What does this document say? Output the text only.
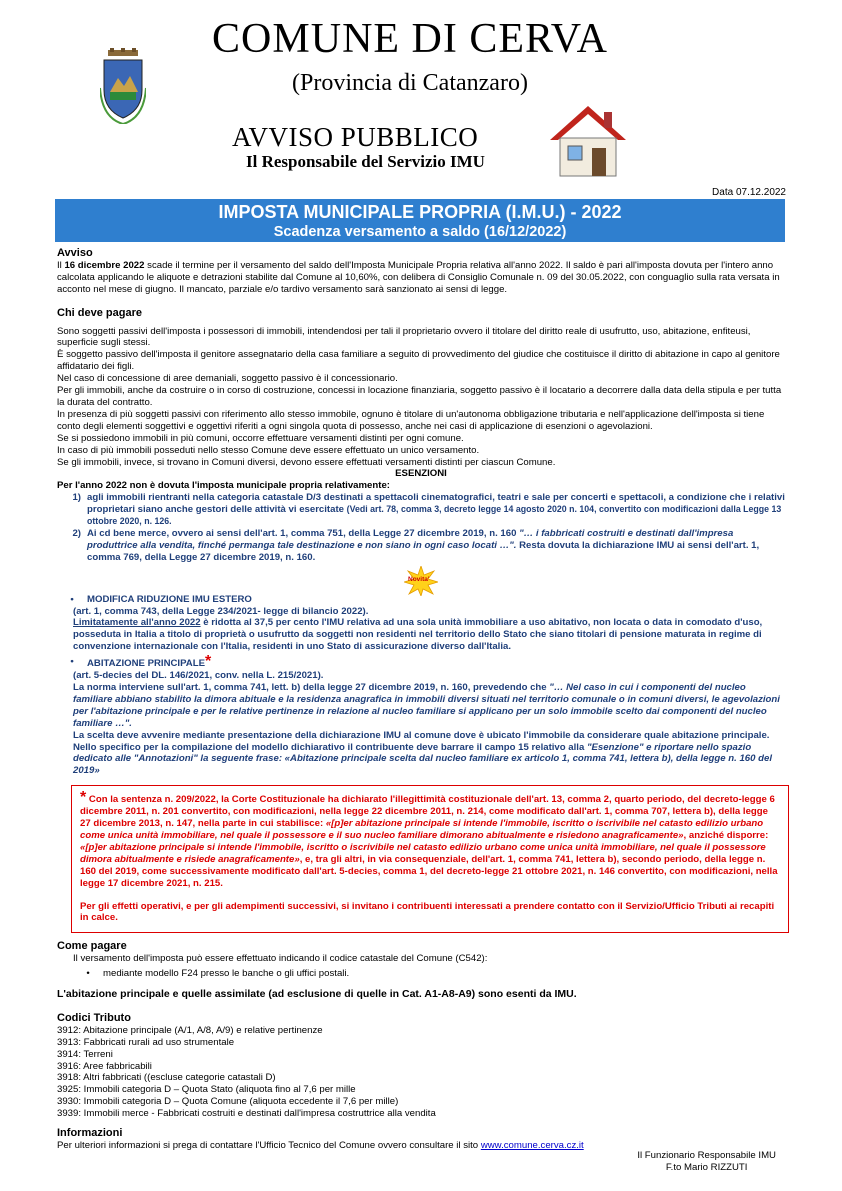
COMUNE DI CERVA
(Provincia di Catanzaro)
AVVISO PUBBLICO
Il Responsabile del Servizio IMU
Data 07.12.2022
IMPOSTA MUNICIPALE PROPRIA (I.M.U.) - 2022
Scadenza versamento a saldo (16/12/2022)
Novita'
Avviso

Il 16 dicembre 2022 scade il termine per il versamento del saldo dell'Imposta Municipale Propria relativa all'anno 2022. Il saldo è pari all'imposta dovuta per l'intero anno calcolata applicando le aliquote e detrazioni stabilite dal Comune al 10,60%, con delibera di Consiglio Comunale n. 09 del 30.05.2022, con conguaglio sulla rata versata in acconto nel mese di giugno. Il mancato, parziale e/o tardivo versamento sarà sanzionato ai sensi di legge.

Chi deve pagare

Sono soggetti passivi dell'imposta i possessori di immobili, intendendosi per tali il proprietario ovvero il titolare del diritto reale di usufrutto, uso, abitazione, enfiteusi, superficie sugli stessi.

È soggetto passivo dell'imposta il genitore assegnatario della casa familiare a seguito di provvedimento del giudice che costituisce il diritto di abitazione in capo al genitore affidatario dei figli.

Nel caso di concessione di aree demaniali, soggetto passivo è il concessionario.

Per gli immobili, anche da costruire o in corso di costruzione, concessi in locazione finanziaria, soggetto passivo è il locatario a decorrere dalla data della stipula e per tutta la durata del contratto.

In presenza di più soggetti passivi con riferimento allo stesso immobile, ognuno è titolare di un'autonoma obbligazione tributaria e nell'applicazione dell'imposta si tiene conto degli elementi soggettivi e oggettivi riferiti a ogni singola quota di possesso, anche nei casi di applicazione di esenzioni o agevolazioni.

Se si possiedono immobili in più comuni, occorre effettuare versamenti distinti per ogni comune.

In caso di più immobili posseduti nello stesso Comune deve essere effettuato un unico versamento.

Se gli immobili, invece, si trovano in Comuni diversi, devono essere effettuati versamenti distinti per ciascun Comune.

ESENZIONI

Per l'anno 2022 non è dovuta l'imposta municipale propria relativamente:

1) agli immobili rientranti nella categoria catastale D/3 destinati a spettacoli cinematografici, teatri e sale per concerti e spettacoli, a condizione che i relativi proprietari siano anche gestori delle attività vi esercitate (Vedi art. 78, comma 3, decreto legge 14 agosto 2020 n. 104, convertito con modificazioni dalla Legge 13 ottobre 2020, n. 126.
2) Ai cd bene merce, ovvero ai sensi dell'art. 1, comma 751, della Legge 27 dicembre 2019, n. 160 "… i fabbricati costruiti e destinati dall'impresa produttrice alla vendita, finché permanga tale destinazione e non siano in ogni caso locati …". Resta dovuta la dichiarazione IMU ai sensi dell'art. 1, comma 769, della Legge 27 dicembre 2019, n. 160.
•	MODIFICA RIDUZIONE IMU ESTERO

(art. 1, comma 743, della Legge 234/2021- legge di bilancio 2022).

Limitatamente all'anno 2022 è ridotta al 37,5 per cento l'IMU relativa ad una sola unità immobiliare a uso abitativo, non locata o data in comodato d'uso, posseduta in Italia a titolo di proprietà o usufrutto da soggetti non residenti nel territorio dello Stato che siano titolari di pensione maturata in regime di convenzione internazionale con l'Italia, residenti in uno Stato di assicurazione diverso dall'Italia.

•	ABITAZIONE PRINCIPALE*

(art. 5-decies del DL. 146/2021, conv. nella L. 215/2021).

La norma interviene sull'art. 1, comma 741, lett. b) della legge 27 dicembre 2019, n. 160, prevedendo che "… Nel caso in cui i componenti del nucleo familiare abbiano stabilito la dimora abituale e la residenza anagrafica in immobili diversi situati nel territorio comunale o in comuni diversi, le agevolazioni per l'abitazione principale e per le relative pertinenze in relazione al nucleo familiare si applicano per un solo immobile scelto dai componenti del nucleo familiare …".

La scelta deve avvenire mediante presentazione della dichiarazione IMU al comune dove è ubicato l'immobile da considerare quale abitazione principale. Nello specifico per la compilazione del modello dichiarativo il contribuente deve barrare il campo 15 relativo alla "Esenzione" e riportare nello spazio dedicato alle "Annotazioni" la seguente frase: «Abitazione principale scelta dal nucleo familiare ex articolo 1, comma 741, lettera b), della legge n. 160 del 2019»

* Con la sentenza n. 209/2022, la Corte Costituzionale ha dichiarato l'illegittimità costituzionale dell'art. 13, comma 2, quarto periodo, del decreto-legge 6 dicembre 2011, n. 201 convertito, con modificazioni, nella legge 22 dicembre 2011, n. 214, come modificato dall'art. 1, comma 707, lettera b), della legge 27 dicembre 2013, n. 147, nella parte in cui stabilisce: «[p]er abitazione principale si intende l'immobile, iscritto o iscrivibile nel catasto edilizio urbano come unica unità immobiliare, nel quale il possessore e il suo nucleo familiare dimorano abitualmente e risiedono anagraficamente», anziché disporre: «[p]er abitazione principale si intende l'immobile, iscritto o iscrivibile nel catasto edilizio urbano come unica unità immobiliare, nel quale il possessore dimora abitualmente e risiede anagraficamente», e, tra gli altri, in via consequenziale, dell'art. 1, comma 741, lettera b), secondo periodo, della legge n. 160 del 2019, come successivamente modificato dall'art. 5-decies, comma 1, del decreto-legge 21 ottobre 2021, n. 146 convertito, con modificazioni, nella legge 17 dicembre 2021, n. 215.

Per gli effetti operativi, e per gli adempimenti successivi, si invitano i contribuenti interessati a prendere contatto con il Servizio/Ufficio Tributi ai recapiti in calce.

Come pagare

Il versamento dell'imposta può essere effettuato indicando il codice catastale del Comune (C542):

•	mediante modello F24 presso le banche o gli uffici postali.

L'abitazione principale e quelle assimilate (ad esclusione di quelle in Cat. A1-A8-A9) sono esenti da IMU.

Codici Tributo

3912: Abitazione principale (A/1, A/8, A/9) e relative pertinenze

3913: Fabbricati rurali ad uso strumentale

3914: Terreni

3916: Aree fabbricabili

3918: Altri fabbricati ((escluse categorie catastali D)

3925: Immobili categoria D – Quota Stato (aliquota fino al 7,6 per mille

3930: Immobili categoria D – Quota Comune (aliquota eccedente il 7,6 per mille)

3939: Immobili merce - Fabbricati costruiti e destinati dall'impresa costruttrice alla vendita

Informazioni

Per ulteriori informazioni si prega di contattare l'Ufficio Tecnico del Comune ovvero consultare il sito www.comune.cerva.cz.it

Il Funzionario Responsabile IMU
F.to Mario RIZZUTI
